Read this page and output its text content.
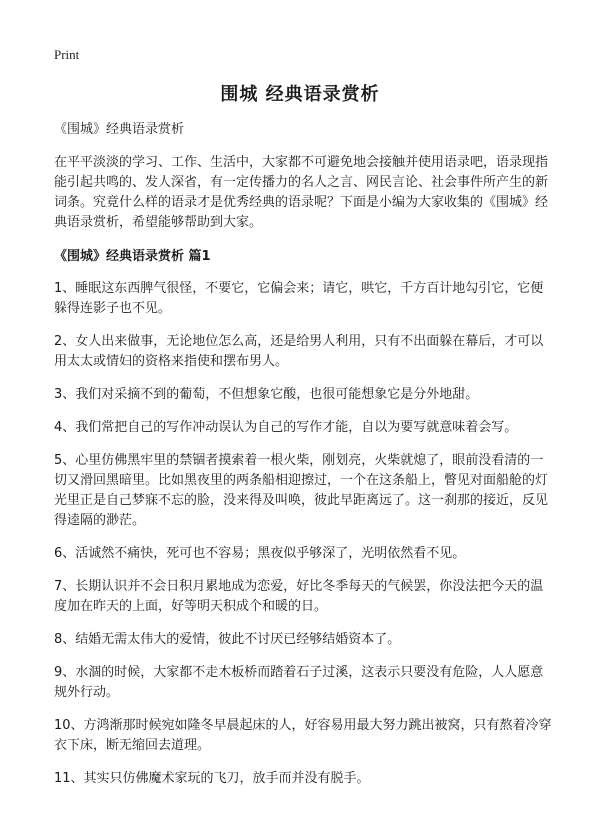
Print
围城 经典语录赏析

《围城》经典语录赏析

在平平淡淡的学习、工作、生活中，大家都不可避免地会接触并使用语录吧，语录现指能引起共鸣的、发人深省，有一定传播力的名人之言、网民言论、社会事件所产生的新词条。究竟什么样的语录才是优秀经典的语录呢？下面是小编为大家收集的《围城》经典语录赏析，希望能够帮助到大家。

《围城》经典语录赏析 篇1

1、睡眠这东西脾气很怪，不要它，它偏会来；请它，哄它，千方百计地勾引它，它便躲得连影子也不见。

2、女人出来做事，无论地位怎么高，还是给男人利用，只有不出面躲在幕后，才可以用太太或情妇的资格来指使和摆布男人。

3、我们对采摘不到的葡萄，不但想象它酸，也很可能想象它是分外地甜。

4、我们常把自己的写作冲动误认为自己的写作才能，自以为要写就意味着会写。

5、心里仿佛黑牢里的禁锢者摸索着一根火柴，刚划亮，火柴就熄了，眼前没看清的一切又滑回黑暗里。比如黑夜里的两条船相迎擦过，一个在这条船上，瞥见对面船舱的灯光里正是自己梦寐不忘的脸，没来得及叫唤，彼此早距离远了。这一刹那的接近，反见得逵隔的渺茫。

6、活诚然不痛快，死可也不容易；黑夜似乎够深了，光明依然看不见。

7、长期认识并不会日积月累地成为恋爱，好比冬季每天的气候罢，你没法把今天的温度加在昨天的上面，好等明天积成个和暖的日。

8、结婚无需太伟大的爱情，彼此不讨厌已经够结婚资本了。

9、水涸的时候，大家都不走木板桥而踏着石子过溪，这表示只要没有危险，人人愿意规外行动。

10、方鸿渐那时候宛如隆冬早晨起床的人，好容易用最大努力跳出被窝，只有熬着冷穿衣下床，断无缩回去道理。

11、其实只仿佛魔术家玩的飞刀，放手而并没有脱手。
